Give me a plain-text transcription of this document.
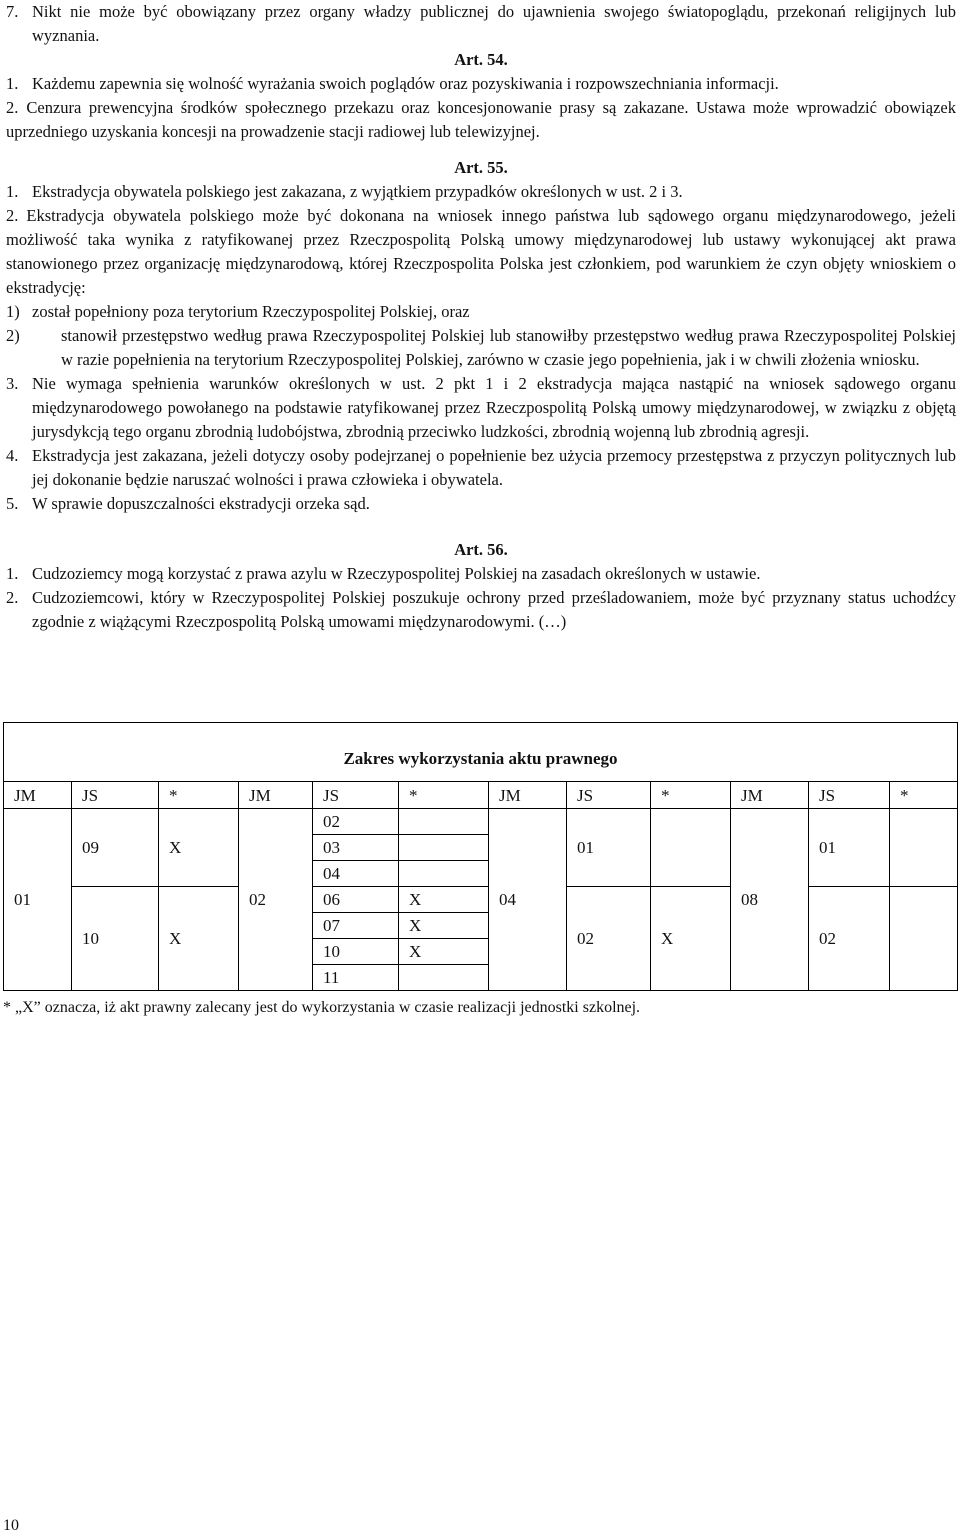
7. Nikt nie może być obowiązany przez organy władzy publicznej do ujawnienia swojego światopoglądu, przekonań religijnych lub wyznania.
Art. 54.
1. Każdemu zapewnia się wolność wyrażania swoich poglądów oraz pozyskiwania i rozpowszechniania informacji.
2. Cenzura prewencyjna środków społecznego przekazu oraz koncesjonowanie prasy są zakazane. Ustawa może wprowadzić obowiązek uprzedniego uzyskania koncesji na prowadzenie stacji radiowej lub telewizyjnej.
Art. 55.
1. Ekstradycja obywatela polskiego jest zakazana, z wyjątkiem przypadków określonych w ust. 2 i 3.
2. Ekstradycja obywatela polskiego może być dokonana na wniosek innego państwa lub sądowego organu międzynarodowego, jeżeli możliwość taka wynika z ratyfikowanej przez Rzeczpospolitą Polską umowy międzynarodowej lub ustawy wykonującej akt prawa stanowionego przez organizację międzynarodową, której Rzeczpospolita Polska jest członkiem, pod warunkiem że czyn objęty wnioskiem o ekstradycję:
1) został popełniony poza terytorium Rzeczypospolitej Polskiej, oraz
2)	stanowił przestępstwo według prawa Rzeczypospolitej Polskiej lub stanowiłby przestępstwo według prawa Rzeczypospolitej Polskiej w razie popełnienia na terytorium Rzeczypospolitej Polskiej, zarówno w czasie jego popełnienia, jak i w chwili złożenia wniosku.
3. Nie wymaga spełnienia warunków określonych w ust. 2 pkt 1 i 2 ekstradycja mająca nastąpić na wniosek sądowego organu międzynarodowego powołanego na podstawie ratyfikowanej przez Rzeczpospolitą Polską umowy międzynarodowej, w związku z objętą jurysdykcją tego organu zbrodnią ludobójstwa, zbrodnią przeciwko ludzkości, zbrodnią wojenną lub zbrodnią agresji.
4. Ekstradycja jest zakazana, jeżeli dotyczy osoby podejrzanej o popełnienie bez użycia przemocy przestępstwa z przyczyn politycznych lub jej dokonanie będzie naruszać wolności i prawa człowieka i obywatela.
5. W sprawie dopuszczalności ekstradycji orzeka sąd.
Art. 56.
1. Cudzoziemcy mogą korzystać z prawa azylu w Rzeczypospolitej Polskiej na zasadach określonych w ustawie.
2. Cudzoziemcowi, który w Rzeczypospolitej Polskiej poszukuje ochrony przed prześladowaniem, może być przyznany status uchodźcy zgodnie z wiążącymi Rzeczpospolitą Polską umowami międzynarodowymi. (…)
Zakres wykorzystania aktu prawnego											
JM	JS	*	JM	JS	*	JM	JS	*	JM	JS	*
01	09	X	02	02		04	01		08	01	
				03							
				04							
	10	X		06	X		02	X		02	
				07	X						
				10	X						
				11							
* „X” oznacza, iż akt prawny zalecany jest do wykorzystania w czasie realizacji jednostki szkolnej.
10
